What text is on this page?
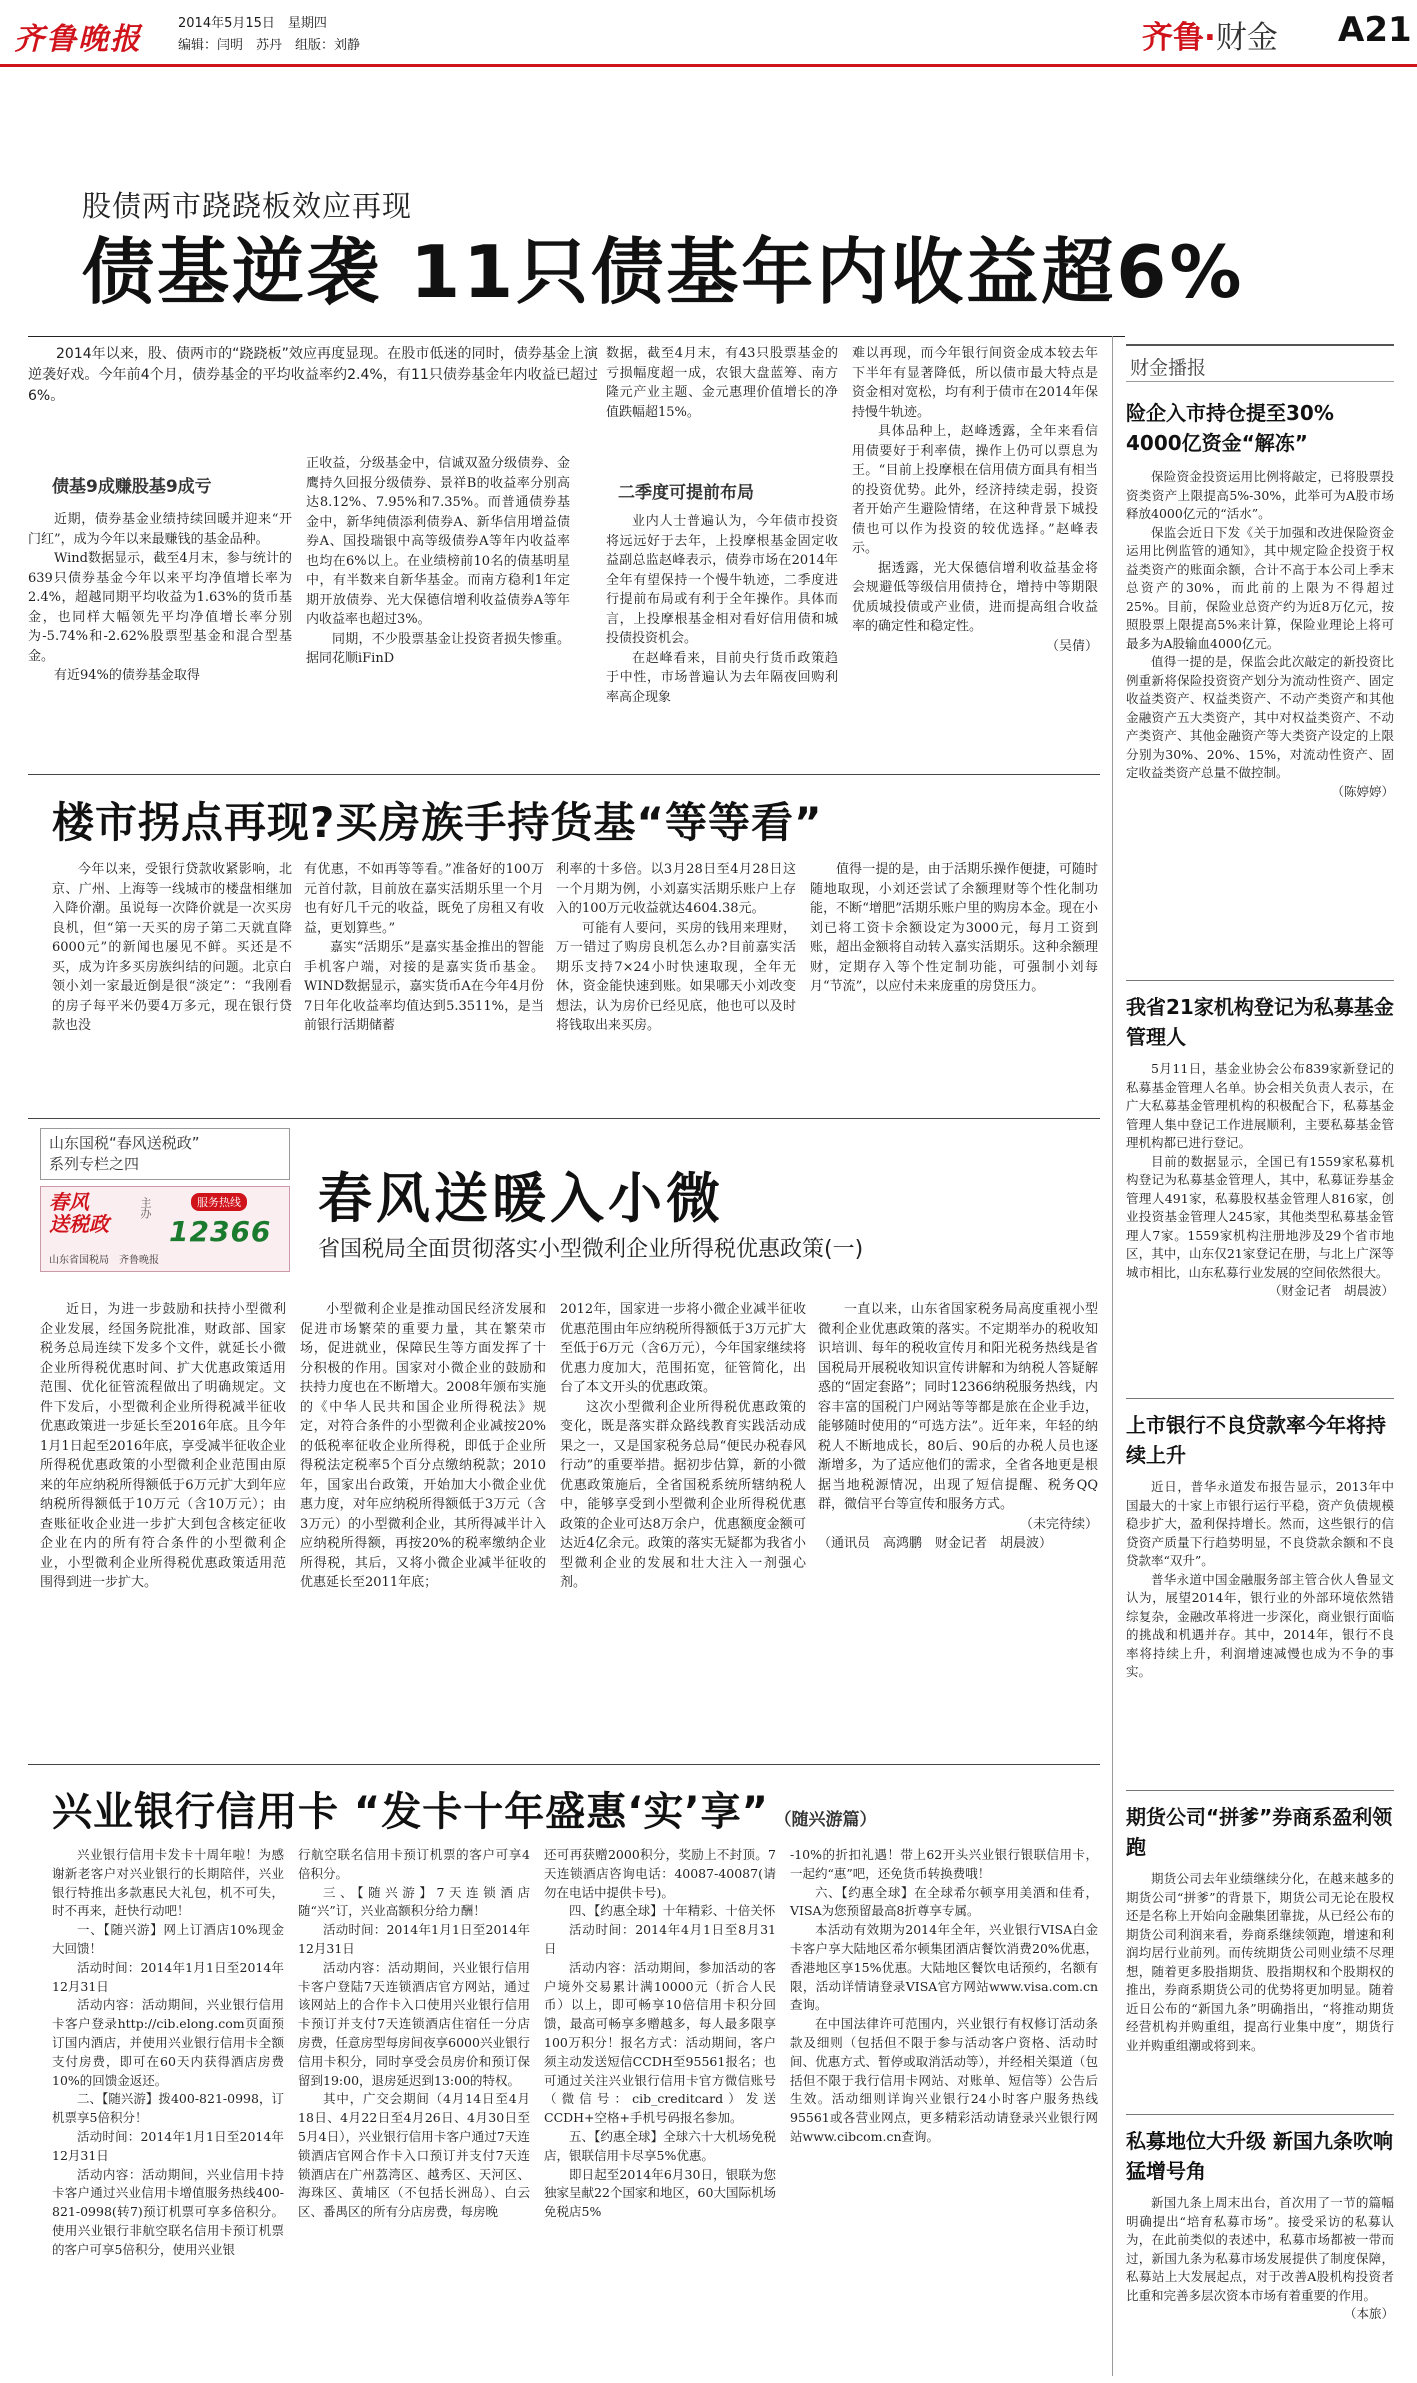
齐鲁晚报	2014年5月15日　星期四
编辑：闫明　苏丹　组版：刘静	齐鲁·财金 A21
股债两市跷跷板效应再现
债基逆袭 11只债基年内收益超6%
2014年以来，股、债两市的“跷跷板”效应再度显现。在股市低迷的同时，债券基金上演逆袭好戏。今年前4个月，债券基金的平均收益率约2.4%，有11只债券基金年内收益已超过6%。
债基9成赚股基9成亏

近期，债券基金业绩持续回暖并迎来“开门红”，成为今年以来最赚钱的基金品种。

Wind数据显示，截至4月末，参与统计的639只债券基金今年以来平均净值增长率为2.4%，超越同期平均收益为1.63%的货币基金，也同样大幅领先平均净值增长率分别为-5.74%和-2.62%股票型基金和混合型基金。

有近94%的债券基金取得

正收益，分级基金中，信诚双盈分级债券、金鹰持久回报分级债券、景祥B的收益率分别高达8.12%、7.95%和7.35%。而普通债券基金中，新华纯债添利债券A、新华信用增益债券A、国投瑞银中高等级债券A等年内收益率也均在6%以上。在业绩榜前10名的债基明星中，有半数来自新华基金。而南方稳利1年定期开放债券、光大保德信增利收益债券A等年内收益率也超过3%。

同期，不少股票基金让投资者损失惨重。据同花顺iFinD

数据，截至4月末，有43只股票基金的亏损幅度超一成，农银大盘蓝筹、南方隆元产业主题、金元惠理价值增长的净值跌幅超15%。

二季度可提前布局

业内人士普遍认为，今年债市投资将远远好于去年，上投摩根基金固定收益副总监赵峰表示，债券市场在2014年全年有望保持一个慢牛轨迹，二季度进行提前布局或有利于全年操作。具体而言，上投摩根基金相对看好信用债和城投债投资机会。

在赵峰看来，目前央行货币政策趋于中性，市场普遍认为去年隔夜回购利率高企现象

难以再现，而今年银行间资金成本较去年下半年有显著降低，所以债市最大特点是资金相对宽松，均有利于债市在2014年保持慢牛轨迹。

具体品种上，赵峰透露，全年来看信用债要好于利率债，操作上仍可以票息为王。“目前上投摩根在信用债方面具有相当的投资优势。此外，经济持续走弱，投资者开始产生避险情绪，在这种背景下城投债也可以作为投资的较优选择。”赵峰表示。

据透露，光大保德信增利收益基金将会规避低等级信用债持仓，增持中等期限优质城投债或产业债，进而提高组合收益率的确定性和稳定性。

（吴倩）

楼市拐点再现?买房族手持货基“等等看”

今年以来，受银行贷款收紧影响，北京、广州、上海等一线城市的楼盘相继加入降价潮。虽说每一次降价就是一次买房良机，但“第一天买的房子第二天就直降6000元”的新闻也屡见不鲜。买还是不买，成为许多买房族纠结的问题。北京白领小刘一家最近倒是很“淡定”：“我刚看的房子每平米仍要4万多元，现在银行贷款也没

有优惠，不如再等等看。”准备好的100万元首付款，目前放在嘉实活期乐里一个月也有好几千元的收益，既免了房租又有收益，更划算些。”

嘉实“活期乐”是嘉实基金推出的智能手机客户端，对接的是嘉实货币基金。WIND数据显示，嘉实货币A在今年4月份7日年化收益率均值达到5.3511%，是当前银行活期储蓄

利率的十多倍。以3月28日至4月28日这一个月期为例，小刘嘉实活期乐账户上存入的100万元收益就达4604.38元。

可能有人要问，买房的钱用来理财，万一错过了购房良机怎么办?目前嘉实活期乐支持7×24小时快速取现，全年无休，资金能快速到账。如果哪天小刘改变想法，认为房价已经见底，他也可以及时将钱取出来买房。

值得一提的是，由于活期乐操作便捷，可随时随地取现，小刘还尝试了余额理财等个性化制功能，不断“增肥”活期乐账户里的购房本金。现在小刘已将工资卡余额设定为3000元，每月工资到账，超出金额将自动转入嘉实活期乐。这种余额理财，定期存入等个性定制功能，可强制小刘每月“节流”，以应付未来庞重的房贷压力。

山东国税“春风送税政”
系列专栏之四
春风
送税政
主办	服务热线
12366
山东省国税局　齐鲁晚报
春风送暖入小微
省国税局全面贯彻落实小型微利企业所得税优惠政策(一)

近日，为进一步鼓励和扶持小型微利企业发展，经国务院批准，财政部、国家税务总局连续下发多个文件，就延长小微企业所得税优惠时间、扩大优惠政策适用范围、优化征管流程做出了明确规定。文件下发后，小型微利企业所得税减半征收优惠政策进一步延长至2016年底。且今年1月1日起至2016年底，享受减半征收企业所得税优惠政策的小型微利企业范围由原来的年应纳税所得额低于6万元扩大到年应纳税所得额低于10万元（含10万元）；由查账征收企业进一步扩大到包含核定征收企业在内的所有符合条件的小型微利企业，小型微利企业所得税优惠政策适用范围得到进一步扩大。

小型微利企业是推动国民经济发展和促进市场繁荣的重要力量，其在繁荣市场，促进就业，保障民生等方面发挥了十分积极的作用。国家对小微企业的鼓励和扶持力度也在不断增大。2008年颁布实施的《中华人民共和国企业所得税法》规定，对符合条件的小型微利企业减按20%的低税率征收企业所得税，即低于企业所得税法定税率5个百分点缴纳税款；2010年，国家出台政策，开始加大小微企业优惠力度，对年应纳税所得额低于3万元（含3万元）的小型微利企业，其所得减半计入应纳税所得额，再按20%的税率缴纳企业所得税，其后，又将小微企业减半征收的优惠延长至2011年底；

2012年，国家进一步将小微企业减半征收优惠范围由年应纳税所得额低于3万元扩大至低于6万元（含6万元），今年国家继续将优惠力度加大，范围拓宽，征管简化，出台了本文开头的优惠政策。

这次小型微利企业所得税优惠政策的变化，既是落实群众路线教育实践活动成果之一，又是国家税务总局“便民办税春风行动”的重要举措。据初步估算，新的小微优惠政策施后，全省国税系统所辖纳税人中，能够享受到小型微利企业所得税优惠政策的企业可达8万余户，优惠额度金额可达近4亿余元。政策的落实无疑都为我省小型微利企业的发展和壮大注入一剂强心剂。

一直以来，山东省国家税务局高度重视小型微利企业优惠政策的落实。不定期举办的税收知识培训、每年的税收宣传月和阳光税务热线是省国税局开展税收知识宣传讲解和为纳税人答疑解惑的“固定套路”；同时12366纳税服务热线，内容丰富的国税门户网站等等都是旅在企业手边，能够随时使用的“可选方法”。近年来，年轻的纳税人不断地成长，80后、90后的办税人员也逐渐增多，为了适应他们的需求，全省各地更是根据当地税源情况，出现了短信提醒、税务QQ群，微信平台等宣传和服务方式。

（未完待续）

（通讯员　高鸿鹏　财金记者　胡晨波）

兴业银行信用卡 “发卡十年盛惠‘实’享” （随兴游篇）

兴业银行信用卡发卡十周年啦！为感谢新老客户对兴业银行的长期陪伴，兴业银行特推出多款惠民大礼包，机不可失，时不再来，赶快行动吧！

一、【随兴游】网上订酒店10%现金大回馈！

活动时间：2014年1月1日至2014年12月31日

活动内容：活动期间，兴业银行信用卡客户登录http://cib.elong.com页面预订国内酒店，并使用兴业银行信用卡全额支付房费，即可在60天内获得酒店房费10%的回馈金返还。

二、【随兴游】拨400-821-0998，订机票享5倍积分！

活动时间：2014年1月1日至2014年12月31日

活动内容：活动期间，兴业信用卡持卡客户通过兴业信用卡增值服务热线400-821-0998(转7)预订机票可享多倍积分。使用兴业银行非航空联名信用卡预订机票的客户可享5倍积分，使用兴业银

行航空联名信用卡预订机票的客户可享4倍积分。

三、【随兴游】7天连锁酒店随“兴”订，兴业高额积分给力酬！

活动时间：2014年1月1日至2014年12月31日

活动内容：活动期间，兴业银行信用卡客户登陆7天连锁酒店官方网站，通过该网站上的合作卡入口使用兴业银行信用卡预订并支付7天连锁酒店住宿任一分店房费，任意房型每房间夜享6000兴业银行信用卡积分，同时享受会员房价和预订保留到19:00，退房延迟到13:00的特权。

其中，广交会期间（4月14日至4月18日、4月22日至4月26日、4月30日至5月4日），兴业银行信用卡客户通过7天连锁酒店官网合作卡入口预订并支付7天连锁酒店在广州荔湾区、越秀区、天河区、海珠区、黄埔区（不包括长洲岛）、白云区、番禺区的所有分店房费，每房晚

还可再获赠2000积分，奖励上不封顶。7天连锁酒店咨询电话：40087-40087(请勿在电话中提供卡号)。

四、【约惠全球】十年精彩、十倍关怀

活动时间：2014年4月1日至8月31日

活动内容：活动期间，参加活动的客户境外交易累计满10000元（折合人民币）以上，即可畅享10倍信用卡积分回馈，最高可畅享多赠越多，每人最多限享100万积分！报名方式：活动期间，客户须主动发送短信CCDH至95561报名；也可通过关注兴业银行信用卡官方微信账号（微信号：cib_creditcard）发送CCDH+空格+手机号码报名参加。

五、【约惠全球】全球六十大机场免税店，银联信用卡尽享5%优惠。

即日起至2014年6月30日，银联为您独家呈献22个国家和地区，60大国际机场免税店5%

-10%的折扣礼遇！带上62开头兴业银行银联信用卡，一起约“惠”吧，还免货币转换费哦！

六、【约惠全球】在全球希尔顿享用美酒和佳肴，VISA为您预留最高8折尊享专属。

本活动有效期为2014年全年，兴业银行VISA白金卡客户享大陆地区希尔顿集团酒店餐饮消费20%优惠，香港地区享15%优惠。大陆地区餐饮电话预约，名额有限，活动详情请登录VISA官方网站www.visa.com.cn查询。

在中国法律许可范围内，兴业银行有权修订活动条款及细则（包括但不限于参与活动客户资格、活动时间、优惠方式、暂停或取消活动等），并经相关渠道（包括但不限于我行信用卡网站、对账单、短信等）公告后生效。活动细则详询兴业银行24小时客户服务热线95561或各营业网点，更多精彩活动请登录兴业银行网站www.cibcom.cn查询。

财金播报
险企入市持仓提至30% 4000亿资金“解冻”

保险资金投资运用比例将敲定，已将股票投资类资产上限提高5%-30%，此举可为A股市场释放4000亿元的“活水”。

保监会近日下发《关于加强和改进保险资金运用比例监管的通知》，其中规定险企投资于权益类资产的账面余额，合计不高于本公司上季末总资产的30%，而此前的上限为不得超过25%。目前，保险业总资产约为近8万亿元，按照股票上限提高5%来计算，保险业理论上将可最多为A股输血4000亿元。

值得一提的是，保监会此次敲定的新投资比例重新将保险投资资产划分为流动性资产、固定收益类资产、权益类资产、不动产类资产和其他金融资产五大类资产，其中对权益类资产、不动产类资产、其他金融资产等大类资产设定的上限分别为30%、20%、15%，对流动性资产、固定收益类资产总量不做控制。

（陈婷婷）

我省21家机构登记为私募基金管理人

5月11日，基金业协会公布839家新登记的私募基金管理人名单。协会相关负责人表示，在广大私募基金管理机构的积极配合下，私募基金管理人集中登记工作进展顺利，主要私募基金管理机构都已进行登记。

目前的数据显示，全国已有1559家私募机构登记为私募基金管理人，其中，私募证券基金管理人491家，私募股权基金管理人816家，创业投资基金管理人245家，其他类型私募基金管理人7家。1559家机构注册地涉及29个省市地区，其中，山东仅21家登记在册，与北上广深等城市相比，山东私募行业发展的空间依然很大。

（财金记者　胡晨波）

上市银行不良贷款率今年将持续上升

近日，普华永道发布报告显示，2013年中国最大的十家上市银行运行平稳，资产负债规模稳步扩大，盈利保持增长。然而，这些银行的信贷资产质量下行趋势明显，不良贷款余额和不良贷款率“双升”。

普华永道中国金融服务部主管合伙人鲁显文认为，展望2014年，银行业的外部环境依然错综复杂，金融改革将进一步深化，商业银行面临的挑战和机遇并存。其中，2014年，银行不良率将持续上升，利润增速减慢也成为不争的事实。

期货公司“拼爹”券商系盈利领跑

期货公司去年业绩继续分化，在越来越多的期货公司“拼爹”的背景下，期货公司无论在股权还是名称上开始向金融集团靠拢，从已经公布的期货公司利润来看，券商系继续领跑，增速和利润均居行业前列。而传统期货公司则业绩不尽理想，随着更多股指期货、股指期权和个股期权的推出，券商系期货公司的优势将更加明显。随着近日公布的“新国九条”明确指出，“将推动期货经营机构并购重组，提高行业集中度”，期货行业并购重组潮或将到来。

私募地位大升级 新国九条吹响猛增号角

新国九条上周末出台，首次用了一节的篇幅明确提出“培育私募市场”。接受采访的私募认为，在此前类似的表述中，私募市场都被一带而过，新国九条为私募市场发展提供了制度保障，私募站上大发展起点，对于改善A股机构投资者比重和完善多层次资本市场有着重要的作用。

（本旅）
